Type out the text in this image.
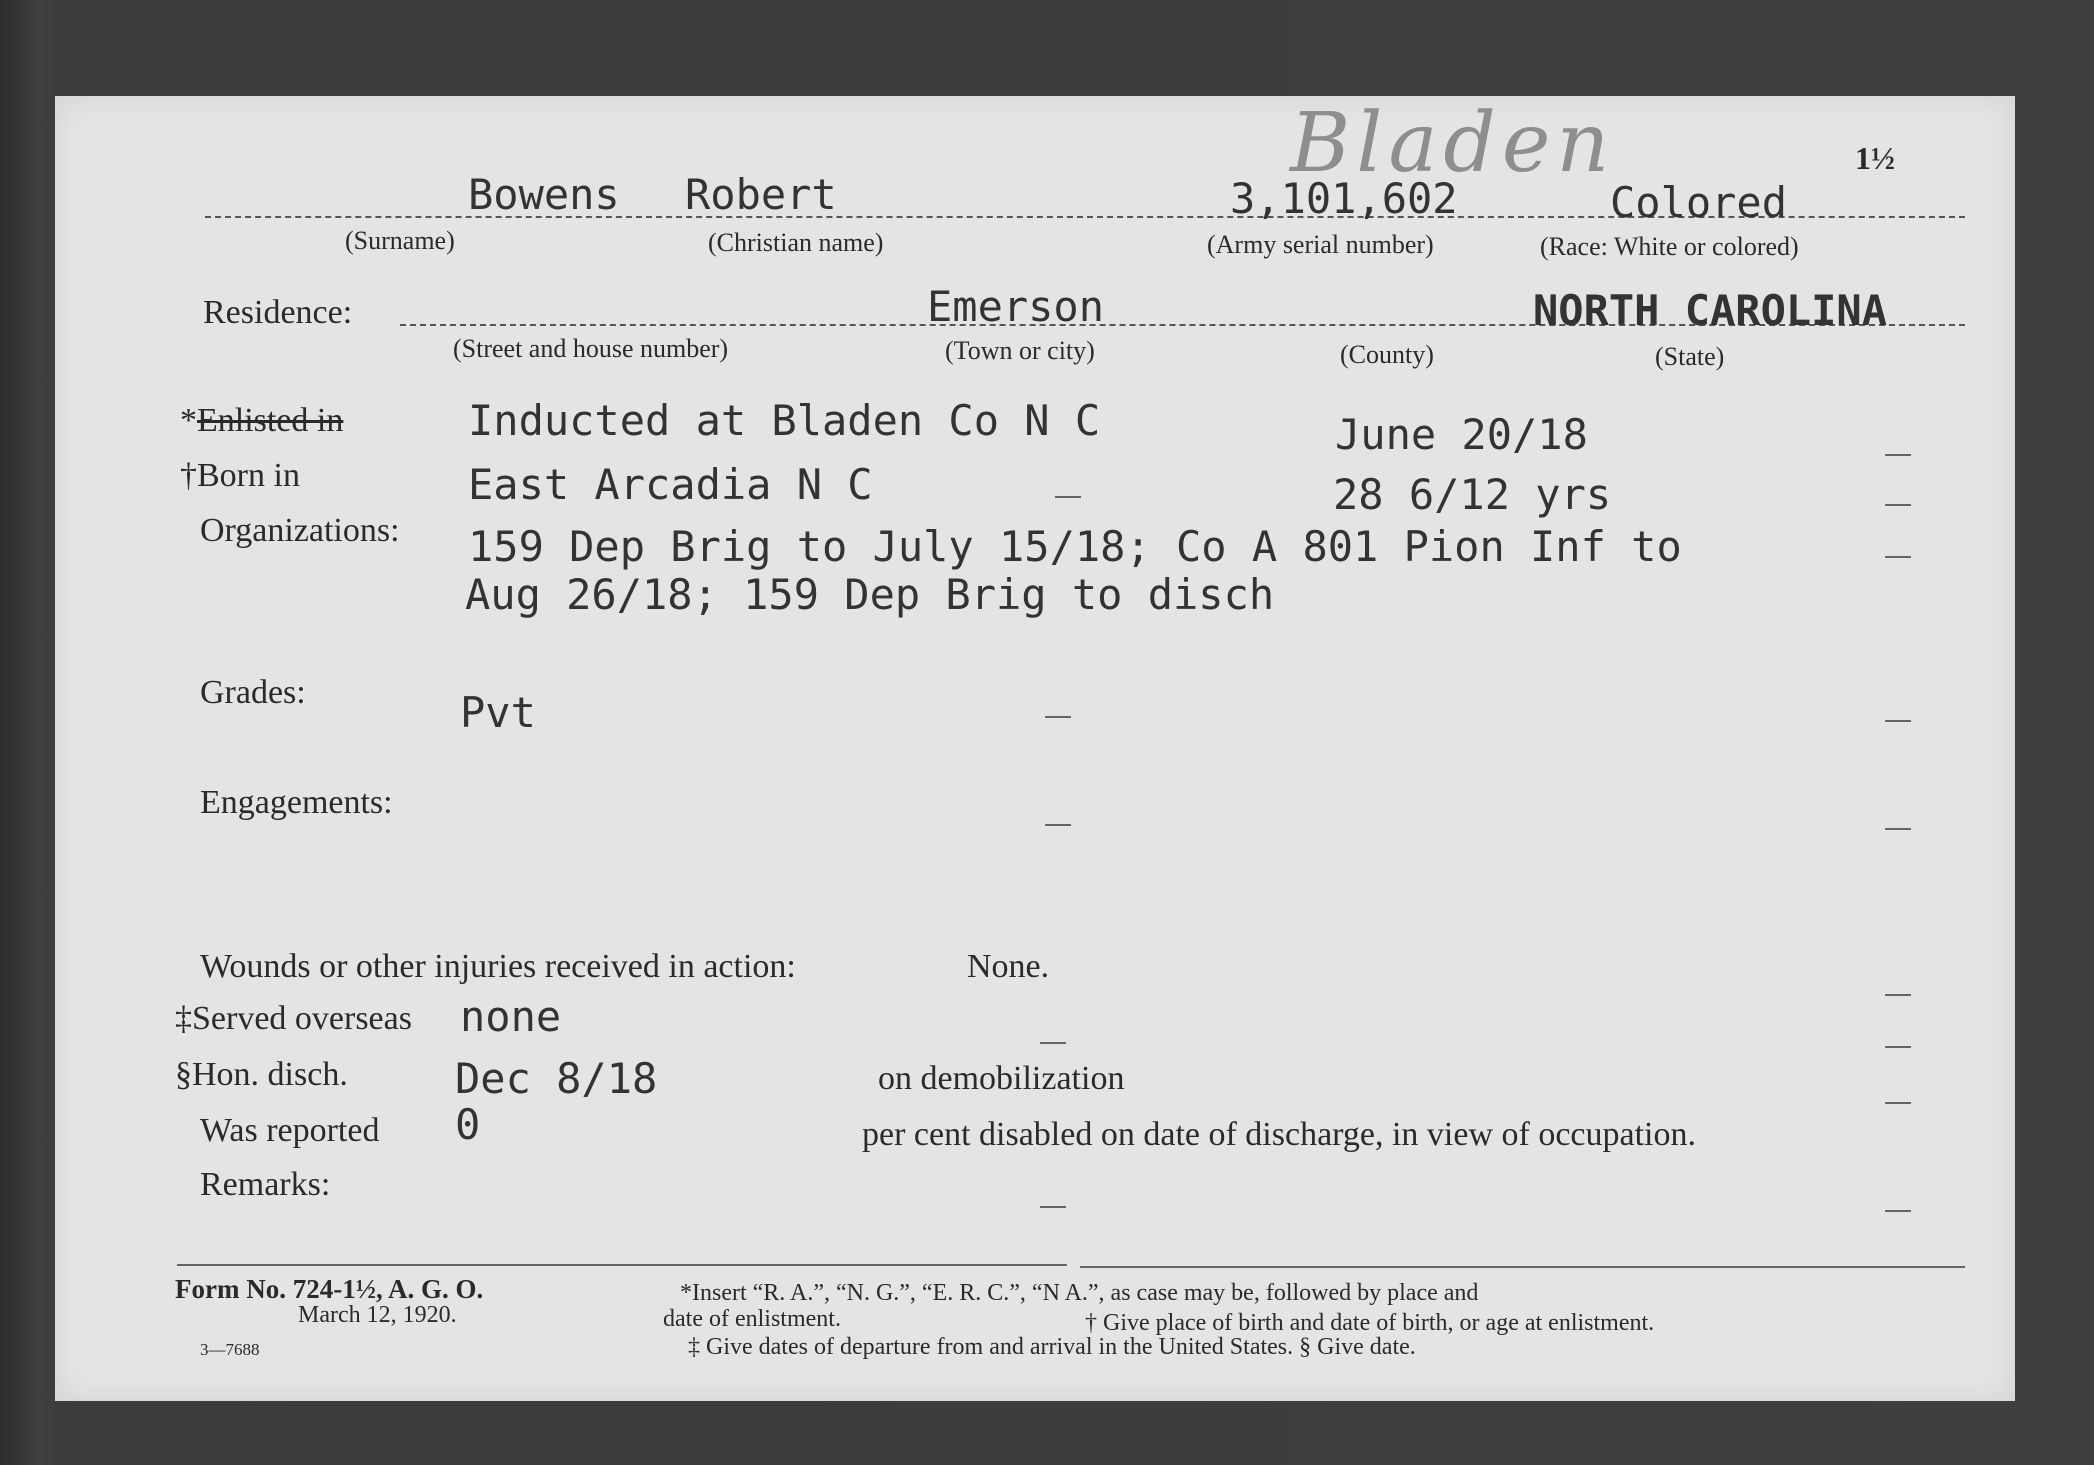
Bladen	1½
Bowens Robert	3,101,602	Colored
(Surname)	(Christian name)	(Army serial number)	(Race: White or colored)
Residence:	Emerson	NORTH CAROLINA
(Street and house number)	(Town or city)	(County)	(State)
*Enlisted in	Inducted at Bladen Co N C	June 20/18
†Born in	East Arcadia N C	28 6/12 yrs
Organizations: 159 Dep Brig to July 15/18; Co A 801 Pion Inf to
Aug 26/18; 159 Dep Brig to disch
Grades:	Pvt
Engagements:
Wounds or other injuries received in action:	None.
‡Served overseas none
§Hon. disch.	Dec 8/18	on demobilization
Was reported 0	per cent disabled on date of discharge, in view of occupation.
Remarks:
Form No. 724-1½, A. G. O.
March 12, 1920.
3—7688
*Insert “R. A.”, “N. G.”, “E. R. C.”, “N A.”, as case may be, followed by place and
date of enlistment.	† Give place of birth and date of birth, or age at enlistment.
‡ Give dates of departure from and arrival in the United States. § Give date.
